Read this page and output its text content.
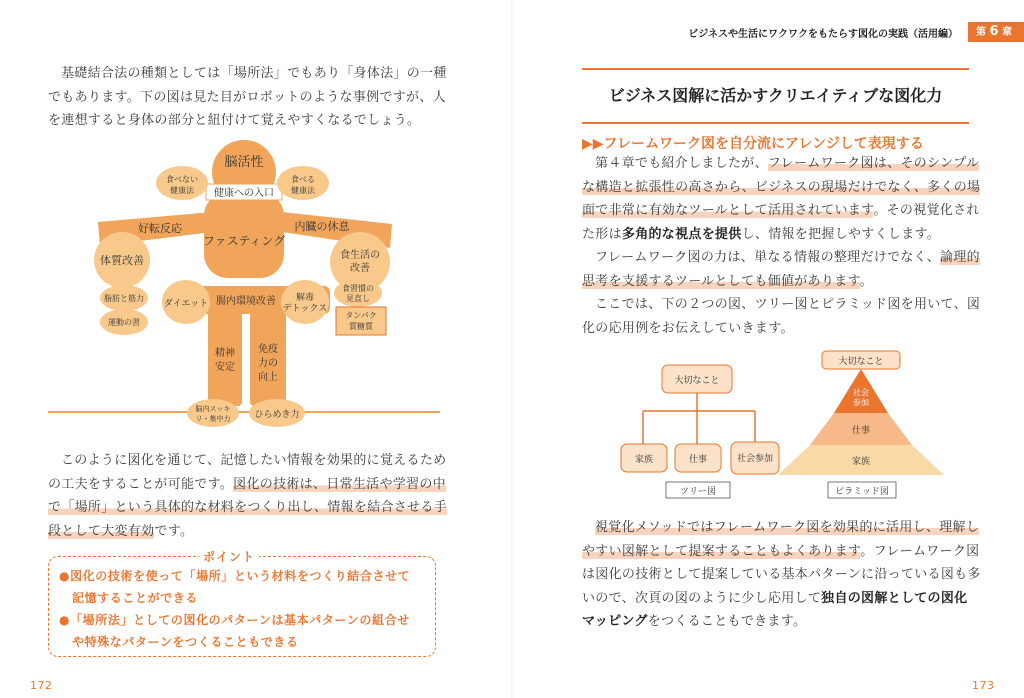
基礎結合法の種類としては「場所法」でもあり「身体法」の一種
でもあります。下の図は見た目がロボットのような事例ですが、人
を連想すると身体の部分と紐付けて覚えやすくなるでしょう。
脳活性
健康への入口
食べない
健康法
食べる
健康法
ファスティング
好転反応	内臓の休息
体質改善
脂肪と筋力
運動の習
食生活の
改善
食習慣の
見直し
タンパク
質糖質
腸内環境改善
ダイエット
解毒
デトックス
精神
安定
免疫
力の
向上
脳内スッキ
リ・集中力	ひらめき力
このように図化を通じて、記憶したい情報を効果的に覚えるため
の工夫をすることが可能です。図化の技術は、日常生活や学習の中
で「場所」という具体的な材料をつくり出し、情報を結合させる手
段として大変有効です。
ポイント
●図化の技術を使って「場所」という材料をつくり結合させて
記憶することができる
●「場所法」としての図化のパターンは基本パターンの組合せ
や特殊なパターンをつくることもできる
172
ビジネスや生活にワクワクをもたらす図化の実践（活用編）	第 6 章
ビジネス図解に活かすクリエイティブな図化力
▶▶フレームワーク図を自分流にアレンジして表現する
第４章でも紹介しましたが、フレームワーク図は、そのシンプル
な構造と拡張性の高さから、ビジネスの現場だけでなく、多くの場
面で非常に有効なツールとして活用されています。その視覚化され
た形は多角的な視点を提供し、情報を把握しやすくします。
フレームワーク図の力は、単なる情報の整理だけでなく、論理的
思考を支援するツールとしても価値があります。
ここでは、下の２つの図、ツリー図とピラミッド図を用いて、図
化の応用例をお伝えしていきます。
大切なこと
家族	仕事	社会参加
ツリー図
大切なこと
社会
参加
仕事
家族
ピラミッド図
視覚化メソッドではフレームワーク図を効果的に活用し、理解し
やすい図解として提案することもよくあります。フレームワーク図
は図化の技術として提案している基本パターンに沿っている図も多
いので、次頁の図のように少し応用して独自の図解としての図化
マッピングをつくることもできます。
173
